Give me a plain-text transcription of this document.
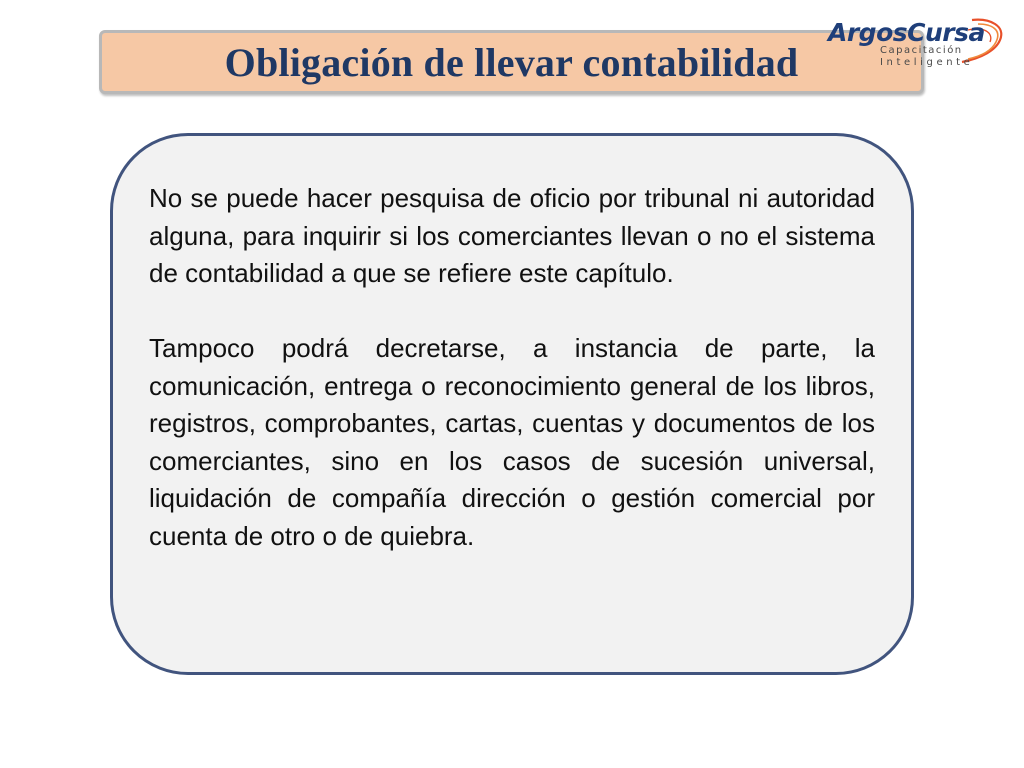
Obligación de llevar contabilidad
ArgosCursa
Capacitación
Inteligente

No se puede hacer pesquisa de oficio por tribunal ni autoridad alguna, para inquirir si los comerciantes llevan o no el sistema de contabilidad a que se refiere este capítulo.

Tampoco podrá decretarse, a instancia de parte, la comunicación, entrega o reconocimiento general de los libros, registros, comprobantes, cartas, cuentas y documentos de los comerciantes, sino en los casos de sucesión universal, liquidación de compañía dirección o gestión comercial por cuenta de otro o de quiebra.
